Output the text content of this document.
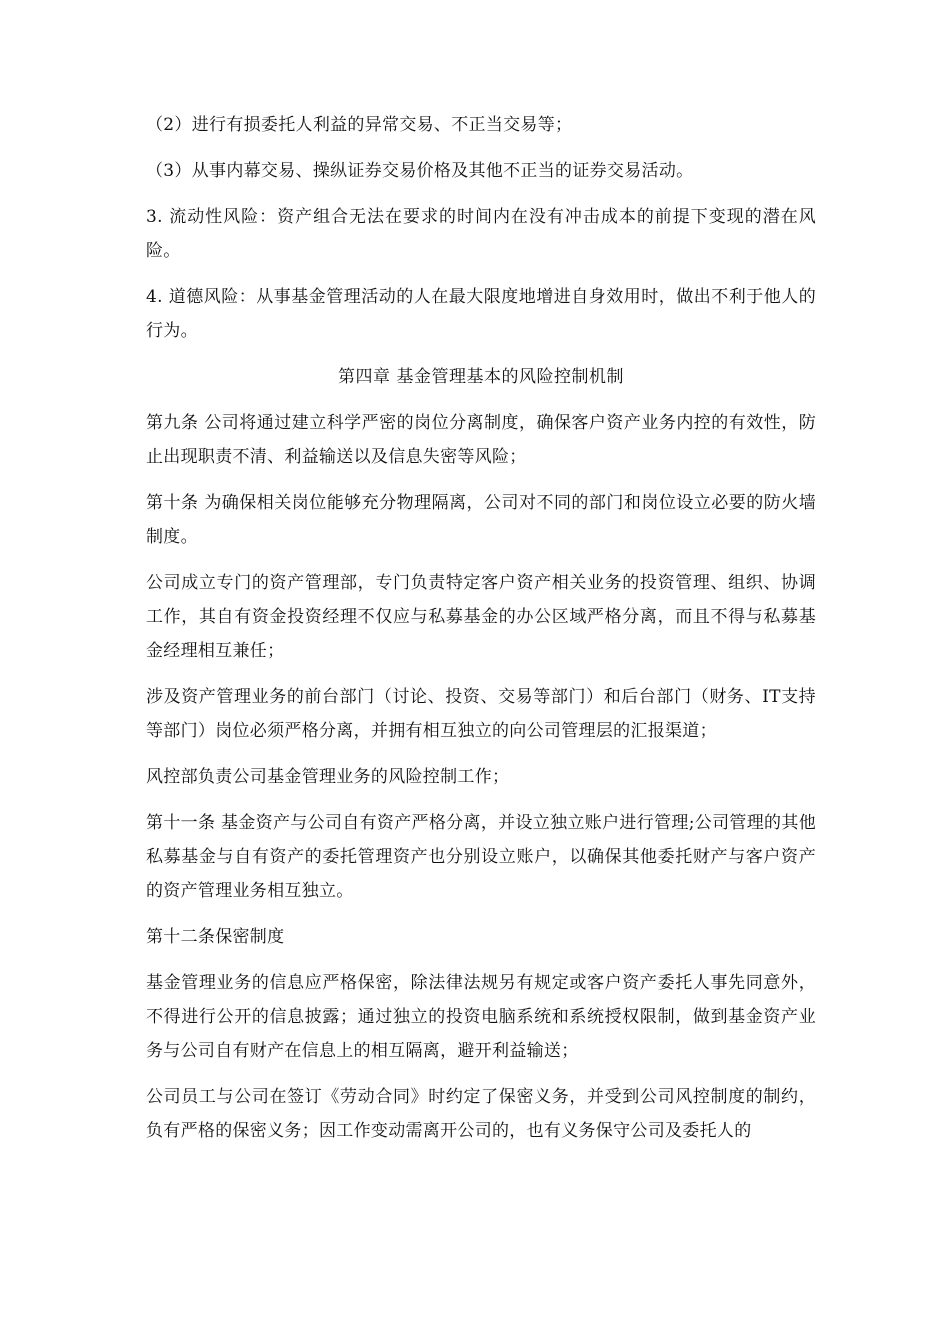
（2）进行有损委托人利益的异常交易、不正当交易等；

（3）从事内幕交易、操纵证券交易价格及其他不正当的证券交易活动。

3. 流动性风险：资产组合无法在要求的时间内在没有冲击成本的前提下变现的潜在风险。

4. 道德风险：从事基金管理活动的人在最大限度地增进自身效用时，做出不利于他人的行为。

第四章 基金管理基本的风险控制机制

第九条 公司将通过建立科学严密的岗位分离制度，确保客户资产业务内控的有效性，防止出现职责不清、利益输送以及信息失密等风险；

第十条 为确保相关岗位能够充分物理隔离，公司对不同的部门和岗位设立必要的防火墙制度。

公司成立专门的资产管理部，专门负责特定客户资产相关业务的投资管理、组织、协调工作，其自有资金投资经理不仅应与私募基金的办公区域严格分离，而且不得与私募基金经理相互兼任；

涉及资产管理业务的前台部门（讨论、投资、交易等部门）和后台部门（财务、IT支持等部门）岗位必须严格分离，并拥有相互独立的向公司管理层的汇报渠道；

风控部负责公司基金管理业务的风险控制工作；

第十一条 基金资产与公司自有资产严格分离，并设立独立账户进行管理;公司管理的其他私募基金与自有资产的委托管理资产也分别设立账户，以确保其他委托财产与客户资产的资产管理业务相互独立。

第十二条保密制度

基金管理业务的信息应严格保密，除法律法规另有规定或客户资产委托人事先同意外，不得进行公开的信息披露；通过独立的投资电脑系统和系统授权限制，做到基金资产业务与公司自有财产在信息上的相互隔离，避开利益输送；

公司员工与公司在签订《劳动合同》时约定了保密义务，并受到公司风控制度的制约，负有严格的保密义务；因工作变动需离开公司的，也有义务保守公司及委托人的
